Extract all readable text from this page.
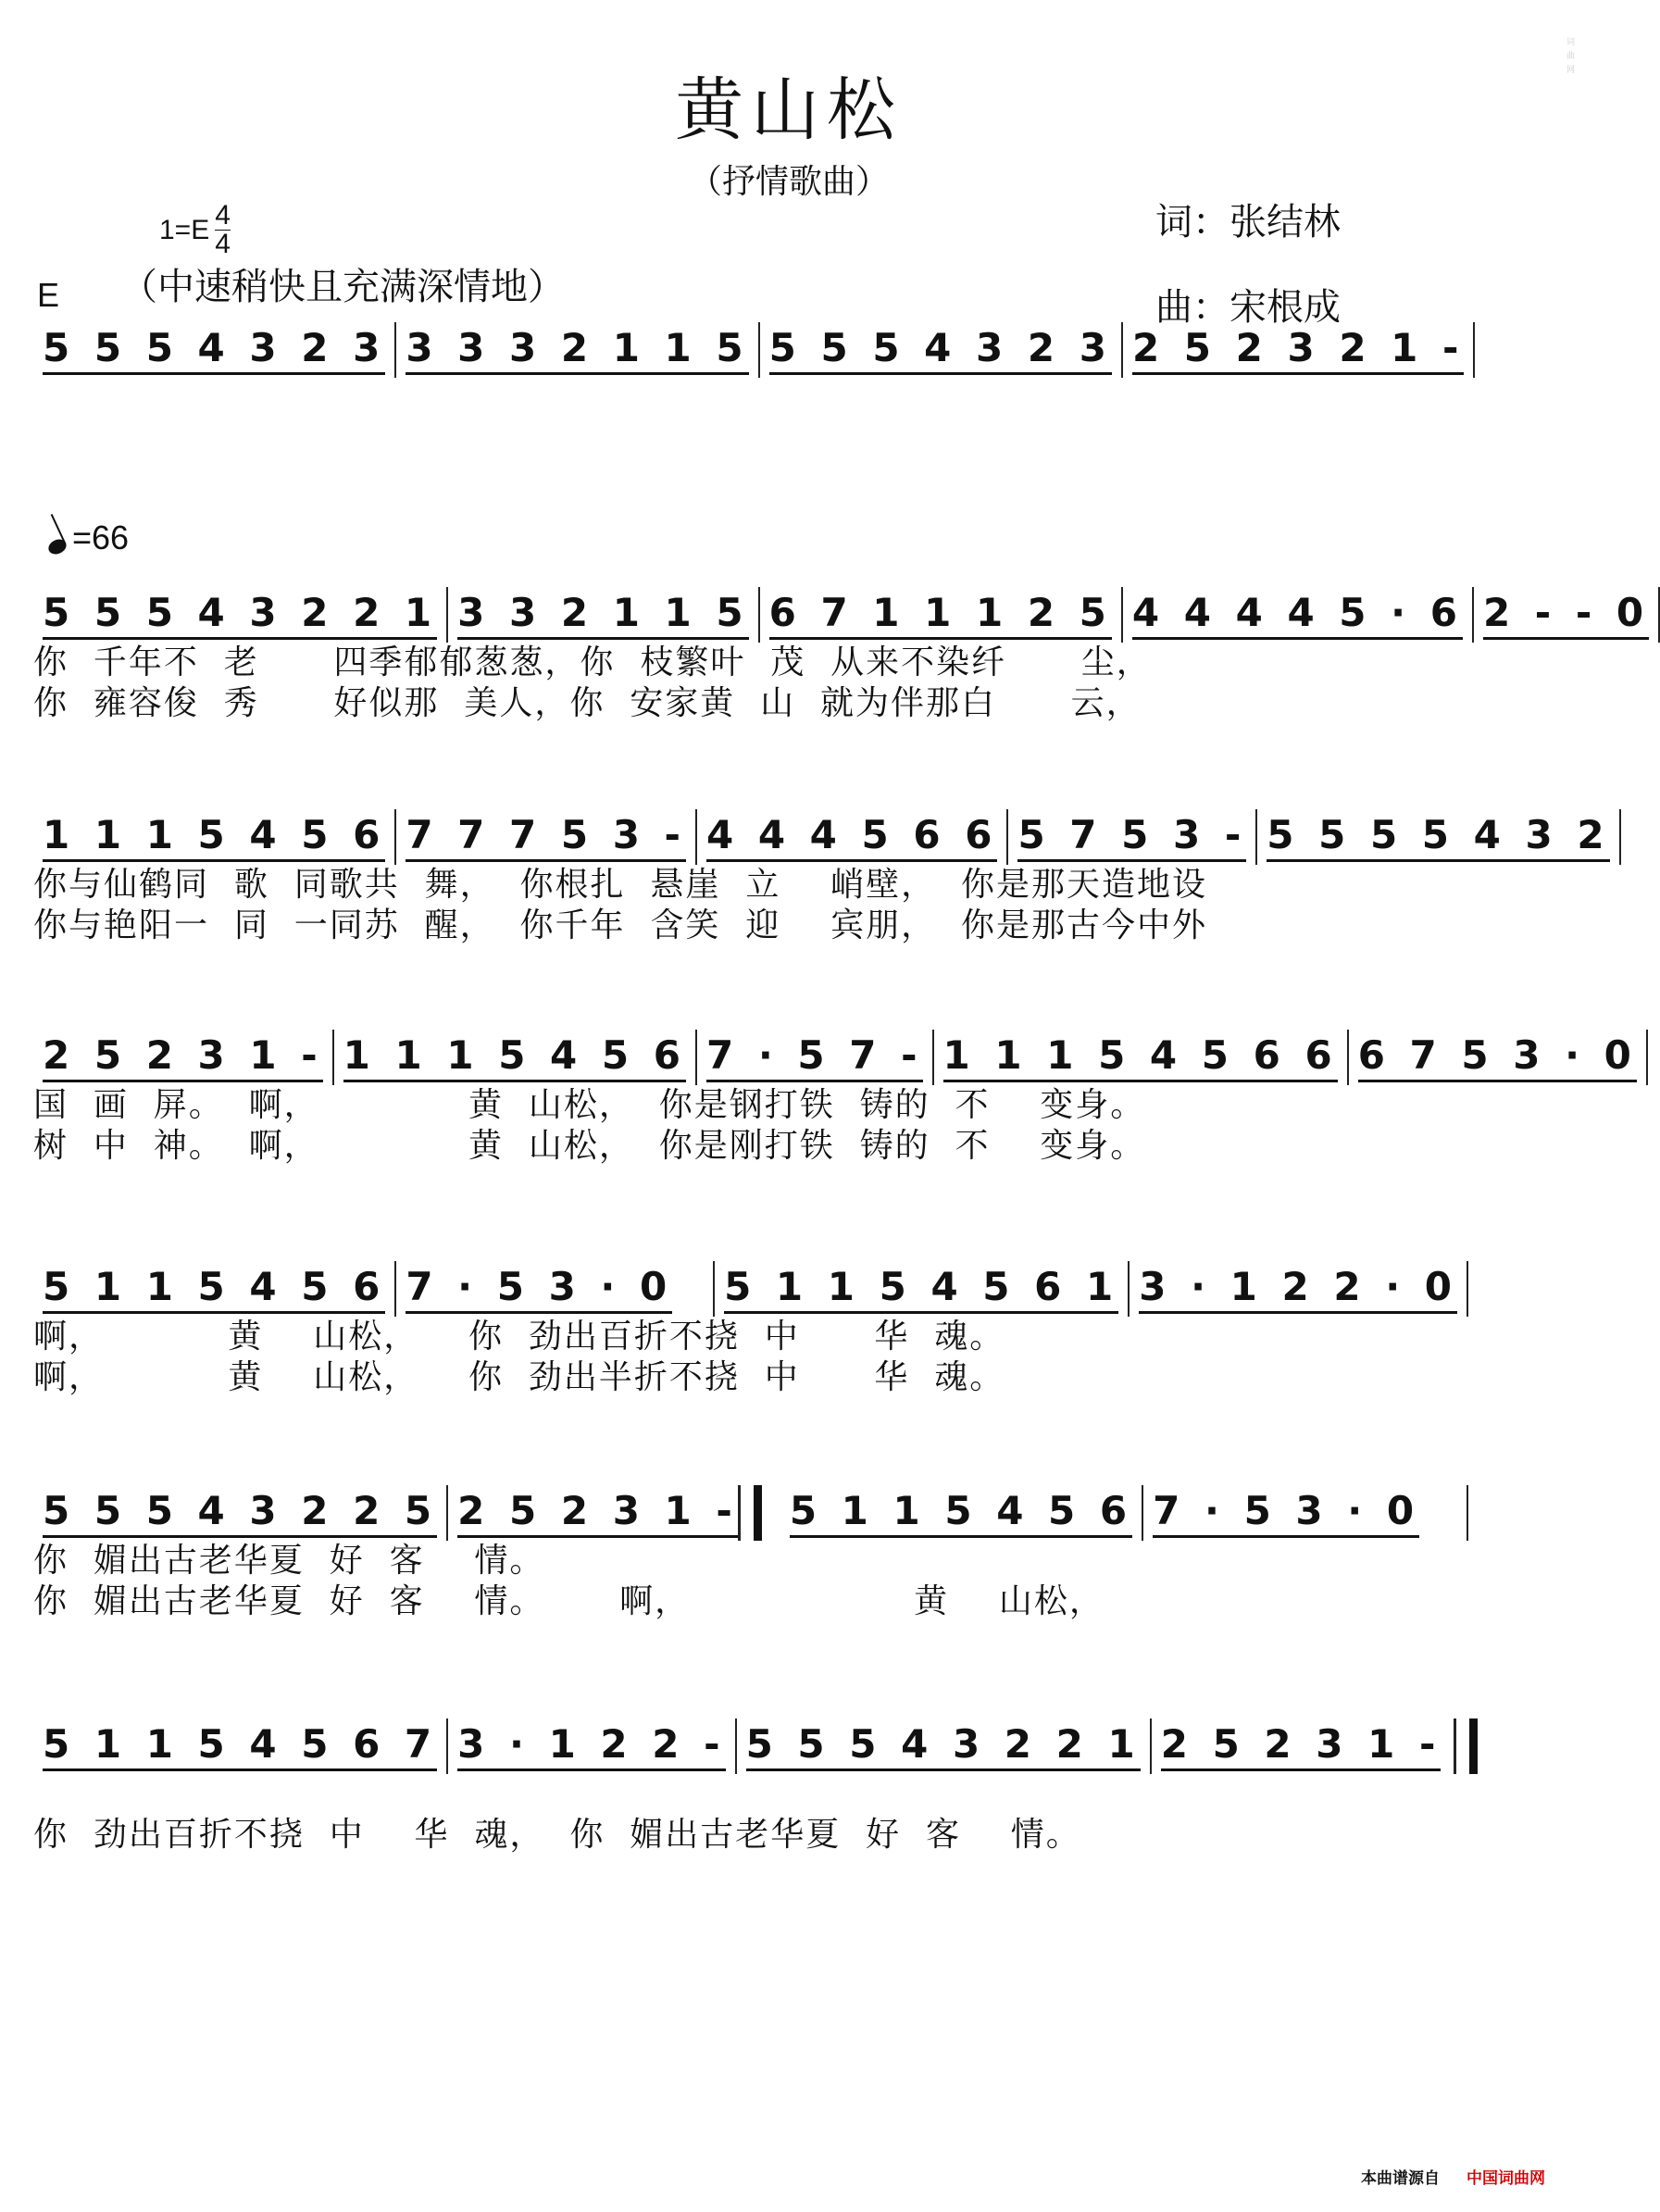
词曲网
黄山松
（抒情歌曲）
$1=E \frac{4}{4}$	词：张结林
曲：宋根成
E （中速稍快且充满深情地）
=66
5 5 5 4 3 2 3 3 3 3 2 1 1 5 5 5 5 4 3 2 3 2 5 2 3 2 1 -
5 5 5 4 3 2 2 1 3 3 2 1 1 5 6 7 1 1 1 2 5 4 4 4 4 5 · 6 2 - - 0
你  千年不  老      四季郁郁葱葱，你  枝繁叶  茂  从来不染纤      尘，
你  雍容俊  秀      好似那  美人，你  安家黄  山  就为伴那白      云，
1 1 1 5 4 5 6 7 7 7 5 3 - 4 4 4 5 6 6 5 7 5 3 - 5 5 5 5 4 3 2
你与仙鹤同  歌  同歌共  舞，  你根扎  悬崖  立    峭壁，  你是那天造地设
你与艳阳一  同  一同苏  醒，  你千年  含笑  迎    宾朋，  你是那古今中外
2 5 2 3 1 - 1 1 1 5 4 5 6 7 · 5 7 - 1 1 1 5 4 5 6 6 6 7 5 3 · 0
国  画  屏。  啊，            黄  山松，  你是钢打铁  铸的  不    变身。
树  中  神。  啊，            黄  山松，  你是刚打铁  铸的  不    变身。
5 1 1 5 4 5 6 7 · 5 3 · 0 5 1 1 5 4 5 6 1 3 · 1 2 2 · 0
啊，          黄    山松，    你  劲出百折不挠  中      华  魂。
啊，          黄    山松，    你  劲出半折不挠  中      华  魂。
5 5 5 4 3 2 2 5 2 5 2 3 1 - 5 1 1 5 4 5 6 7 · 5 3 · 0
你  媚出古老华夏  好  客    情。
你  媚出古老华夏  好  客    情。      啊，                  黄    山松，
5 1 1 5 4 5 6 7 3 · 1 2 2 - 5 5 5 4 3 2 2 1 2 5 2 3 1 -
你  劲出百折不挠  中    华  魂，  你  媚出古老华夏  好  客    情。
本曲谱源自 中国词曲网
